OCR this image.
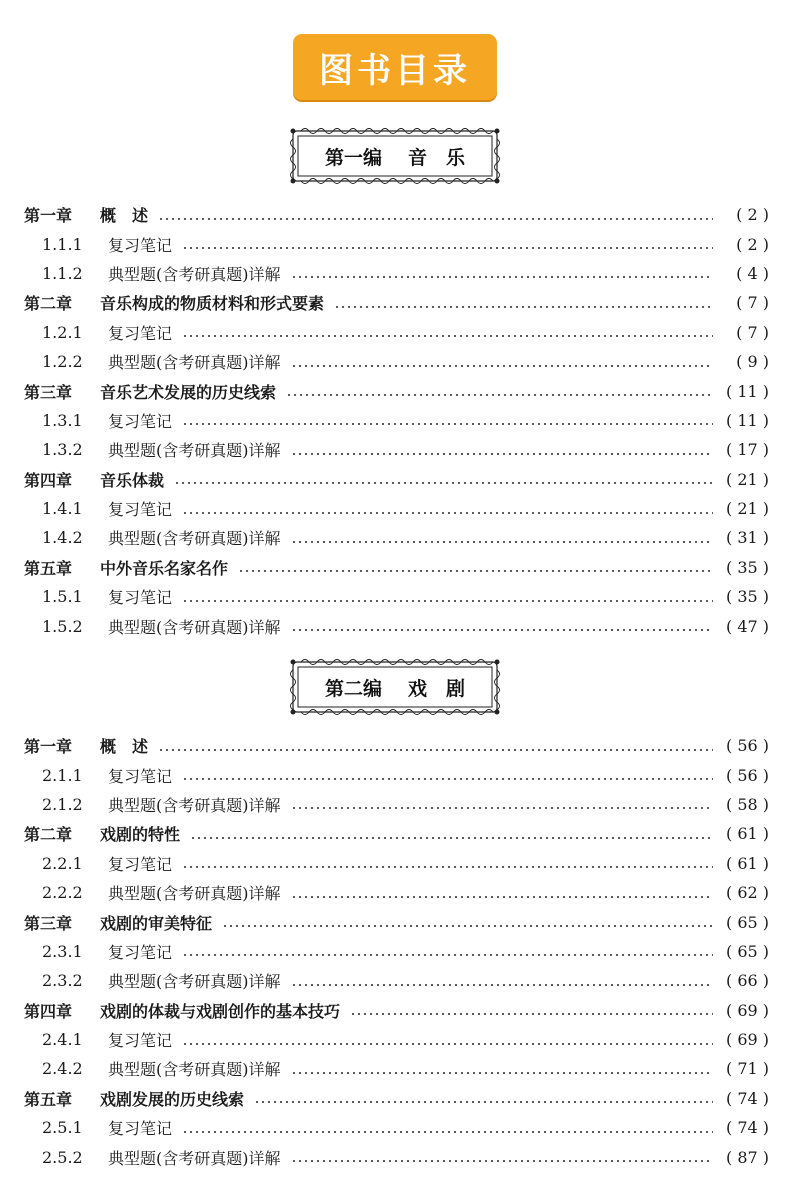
图书目录
第一编 音　乐
第一章	概　述	( 2 )
1.1.1	复习笔记	( 2 )
1.1.2	典型题(含考研真题)详解	( 4 )
第二章	音乐构成的物质材料和形式要素	( 7 )
1.2.1	复习笔记	( 7 )
1.2.2	典型题(含考研真题)详解	( 9 )
第三章	音乐艺术发展的历史线索	( 11 )
1.3.1	复习笔记	( 11 )
1.3.2	典型题(含考研真题)详解	( 17 )
第四章	音乐体裁	( 21 )
1.4.1	复习笔记	( 21 )
1.4.2	典型题(含考研真题)详解	( 31 )
第五章	中外音乐名家名作	( 35 )
1.5.1	复习笔记	( 35 )
1.5.2	典型题(含考研真题)详解	( 47 )
第二编 戏　剧
第一章	概　述	( 56 )
2.1.1	复习笔记	( 56 )
2.1.2	典型题(含考研真题)详解	( 58 )
第二章	戏剧的特性	( 61 )
2.2.1	复习笔记	( 61 )
2.2.2	典型题(含考研真题)详解	( 62 )
第三章	戏剧的审美特征	( 65 )
2.3.1	复习笔记	( 65 )
2.3.2	典型题(含考研真题)详解	( 66 )
第四章	戏剧的体裁与戏剧创作的基本技巧	( 69 )
2.4.1	复习笔记	( 69 )
2.4.2	典型题(含考研真题)详解	( 71 )
第五章	戏剧发展的历史线索	( 74 )
2.5.1	复习笔记	( 74 )
2.5.2	典型题(含考研真题)详解	( 87 )
